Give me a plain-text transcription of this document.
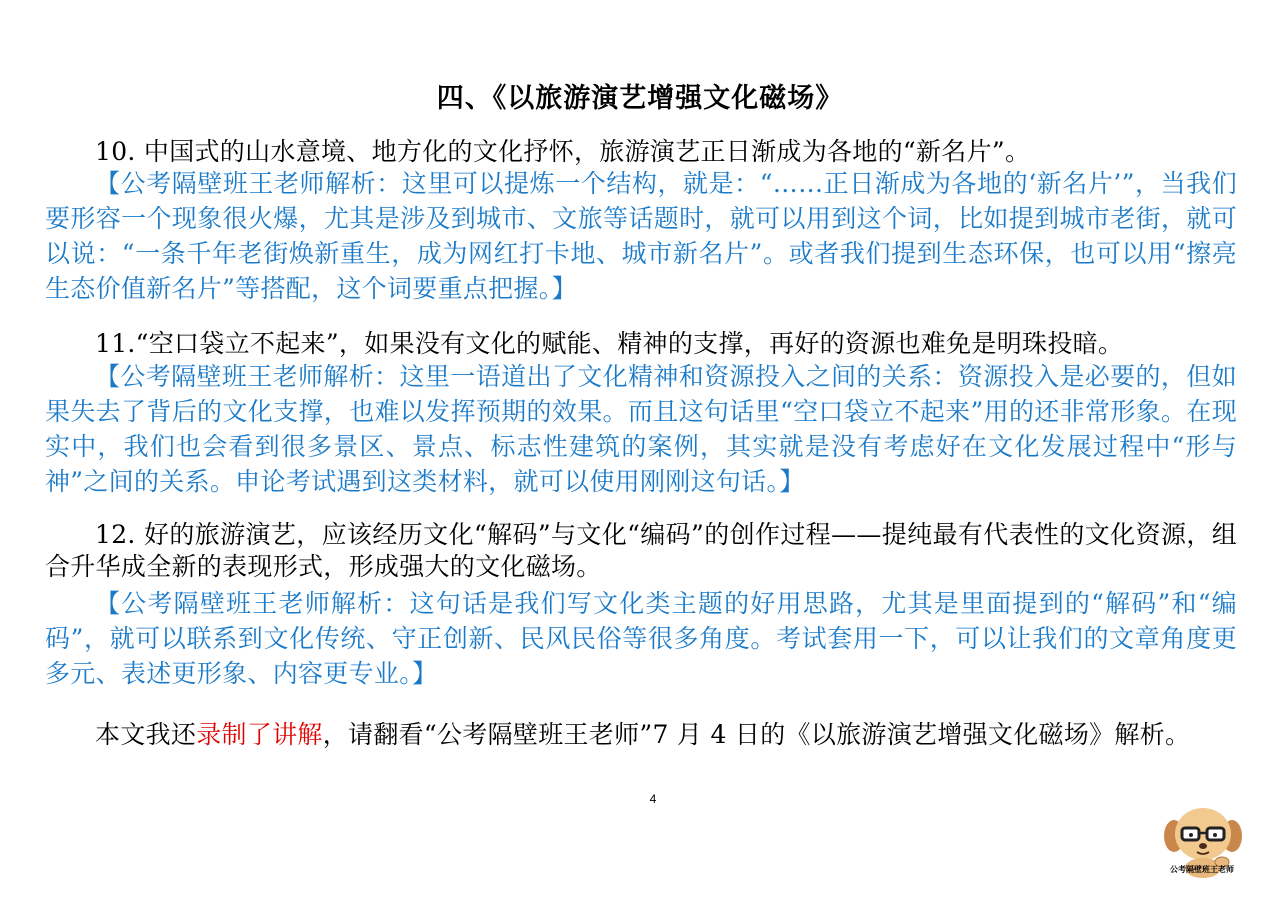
四、《以旅游演艺增强文化磁场》
10. 中国式的山水意境、地方化的文化抒怀，旅游演艺正日渐成为各地的“新名片”。
【公考隔壁班王老师解析：这里可以提炼一个结构，就是：“……正日渐成为各地的‘新名片’”，当我们要形容一个现象很火爆，尤其是涉及到城市、文旅等话题时，就可以用到这个词，比如提到城市老街，就可以说：“一条千年老街焕新重生，成为网红打卡地、城市新名片”。或者我们提到生态环保，也可以用“擦亮生态价值新名片”等搭配，这个词要重点把握。】
11.“空口袋立不起来”，如果没有文化的赋能、精神的支撑，再好的资源也难免是明珠投暗。
【公考隔壁班王老师解析：这里一语道出了文化精神和资源投入之间的关系：资源投入是必要的，但如果失去了背后的文化支撑，也难以发挥预期的效果。而且这句话里“空口袋立不起来”用的还非常形象。在现实中，我们也会看到很多景区、景点、标志性建筑的案例，其实就是没有考虑好在文化发展过程中“形与神”之间的关系。申论考试遇到这类材料，就可以使用刚刚这句话。】
12. 好的旅游演艺，应该经历文化“解码”与文化“编码”的创作过程——提纯最有代表性的文化资源，组合升华成全新的表现形式，形成强大的文化磁场。
【公考隔壁班王老师解析：这句话是我们写文化类主题的好用思路，尤其是里面提到的“解码”和“编码”，就可以联系到文化传统、守正创新、民风民俗等很多角度。考试套用一下，可以让我们的文章角度更多元、表述更形象、内容更专业。】
本文我还录制了讲解，请翻看“公考隔壁班王老师”7 月 4 日的《以旅游演艺增强文化磁场》解析。
4
公考隔壁班王老师
